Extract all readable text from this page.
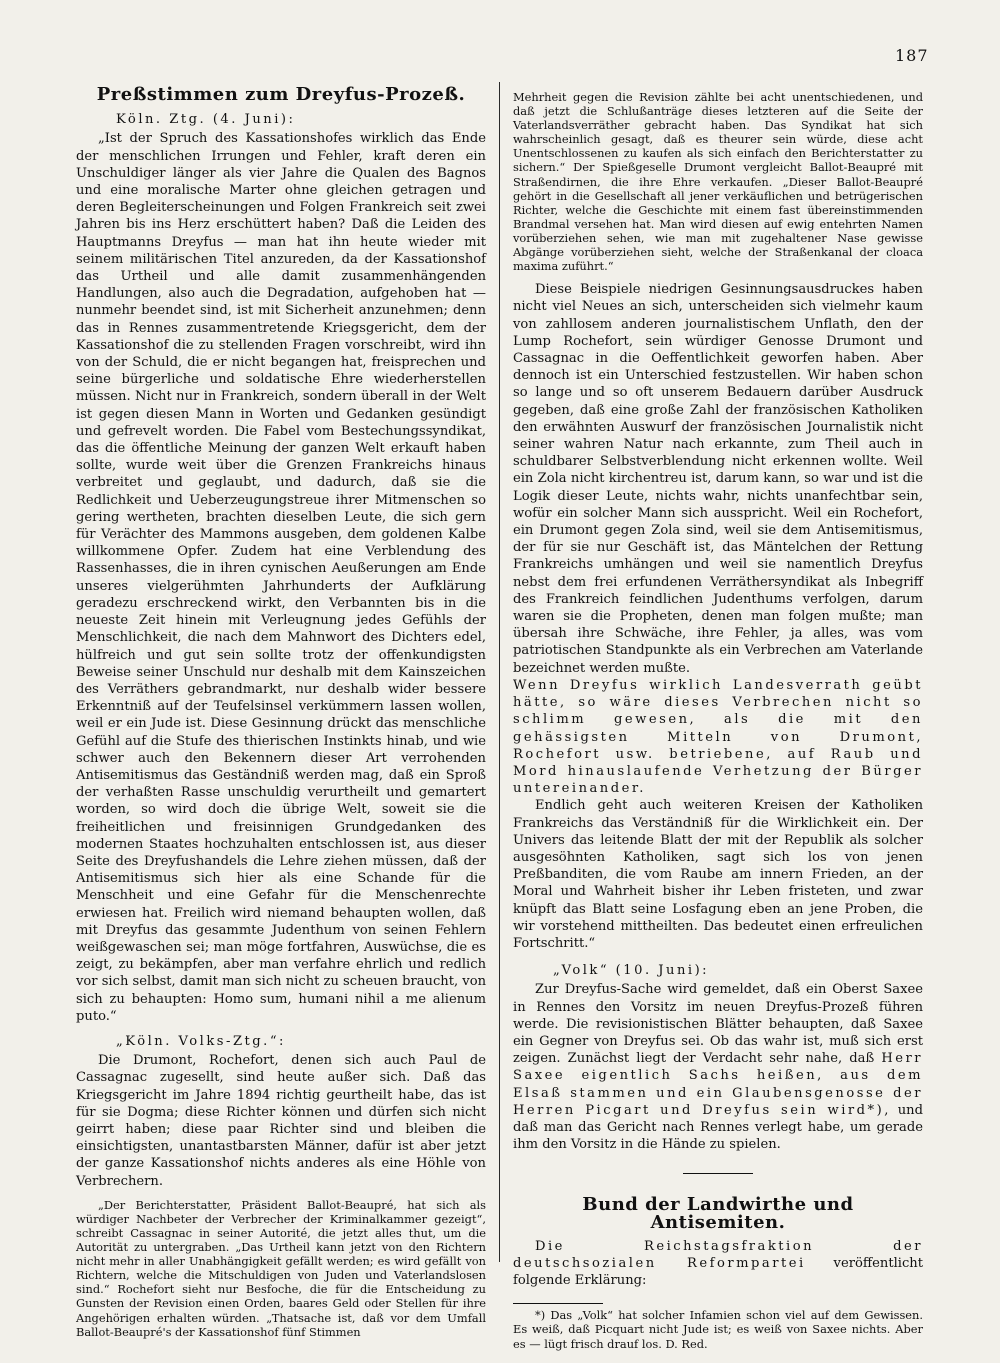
187
Preßstimmen zum Dreyfus-Prozeß.

Köln. Ztg. (4. Juni):

„Ist der Spruch des Kassationshofes wirklich das Ende der menschlichen Irrungen und Fehler, kraft deren ein Unschuldiger länger als vier Jahre die Qualen des Bagnos und eine moralische Marter ohne gleichen getragen und deren Begleiterscheinungen und Folgen Frankreich seit zwei Jahren bis ins Herz erschüttert haben? Daß die Leiden des Hauptmanns Dreyfus — man hat ihn heute wieder mit seinem militärischen Titel anzureden, da der Kassationshof das Urtheil und alle damit zusammenhängenden Handlungen, also auch die Degradation, aufgehoben hat — nunmehr beendet sind, ist mit Sicherheit anzunehmen; denn das in Rennes zusammentretende Kriegsgericht, dem der Kassationshof die zu stellenden Fragen vorschreibt, wird ihn von der Schuld, die er nicht begangen hat, freisprechen und seine bürgerliche und soldatische Ehre wiederherstellen müssen. Nicht nur in Frankreich, sondern überall in der Welt ist gegen diesen Mann in Worten und Gedanken gesündigt und gefrevelt worden. Die Fabel vom Bestechungssyndikat, das die öffentliche Meinung der ganzen Welt erkauft haben sollte, wurde weit über die Grenzen Frankreichs hinaus verbreitet und geglaubt, und dadurch, daß sie die Redlichkeit und Ueberzeugungstreue ihrer Mitmenschen so gering wertheten, brachten dieselben Leute, die sich gern für Verächter des Mammons ausgeben, dem goldenen Kalbe willkommene Opfer. Zudem hat eine Verblendung des Rassenhasses, die in ihren cynischen Aeußerungen am Ende unseres vielgerühmten Jahrhunderts der Aufklärung geradezu erschreckend wirkt, den Verbannten bis in die neueste Zeit hinein mit Verleugnung jedes Gefühls der Menschlichkeit, die nach dem Mahnwort des Dichters edel, hülfreich und gut sein sollte trotz der offenkundigsten Beweise seiner Unschuld nur deshalb mit dem Kainszeichen des Verräthers gebrandmarkt, nur deshalb wider bessere Erkenntniß auf der Teufelsinsel verkümmern lassen wollen, weil er ein Jude ist. Diese Gesinnung drückt das menschliche Gefühl auf die Stufe des thierischen Instinkts hinab, und wie schwer auch den Bekennern dieser Art verrohenden Antisemitismus das Geständniß werden mag, daß ein Sproß der verhaßten Rasse unschuldig verurtheilt und gemartert worden, so wird doch die übrige Welt, soweit sie die freiheitlichen und freisinnigen Grundgedanken des modernen Staates hochzuhalten entschlossen ist, aus dieser Seite des Dreyfushandels die Lehre ziehen müssen, daß der Antisemitismus sich hier als eine Schande für die Menschheit und eine Gefahr für die Menschenrechte erwiesen hat. Freilich wird niemand behaupten wollen, daß mit Dreyfus das gesammte Judenthum von seinen Fehlern weißgewaschen sei; man möge fortfahren, Auswüchse, die es zeigt, zu bekämpfen, aber man verfahre ehrlich und redlich vor sich selbst, damit man sich nicht zu scheuen braucht, von sich zu behaupten: Homo sum, humani nihil a me alienum puto.“

„Köln. Volks-Ztg.“:

Die Drumont, Rochefort, denen sich auch Paul de Cassagnac zugesellt, sind heute außer sich. Daß das Kriegsgericht im Jahre 1894 richtig geurtheilt habe, das ist für sie Dogma; diese Richter können und dürfen sich nicht geirrt haben; diese paar Richter sind und bleiben die einsichtigsten, unantastbarsten Männer, dafür ist aber jetzt der ganze Kassationshof nichts anderes als eine Höhle von Verbrechern.

„Der Berichterstatter, Präsident Ballot-Beaupré, hat sich als würdiger Nachbeter der Verbrecher der Kriminalkammer gezeigt“, schreibt Cassagnac in seiner Autorité, die jetzt alles thut, um die Autorität zu untergraben. „Das Urtheil kann jetzt von den Richtern nicht mehr in aller Unabhängigkeit gefällt werden; es wird gefällt von Richtern, welche die Mitschuldigen von Juden und Vaterlandslosen sind.“ Rochefort sieht nur Besfoche, die für die Entscheidung zu Gunsten der Revision einen Orden, baares Geld oder Stellen für ihre Angehörigen erhalten würden. „Thatsache ist, daß vor dem Umfall Ballot-Beaupré's der Kassationshof fünf Stimmen

Mehrheit gegen die Revision zählte bei acht unentschiedenen, und daß jetzt die Schlußanträge dieses letzteren auf die Seite der Vaterlandsverräther gebracht haben. Das Syndikat hat sich wahrscheinlich gesagt, daß es theurer sein würde, diese acht Unentschlossenen zu kaufen als sich einfach den Berichterstatter zu sichern.“ Der Spießgeselle Drumont vergleicht Ballot-Beaupré mit Straßendirnen, die ihre Ehre verkaufen. „Dieser Ballot-Beaupré gehört in die Gesellschaft all jener verkäuflichen und betrügerischen Richter, welche die Geschichte mit einem fast übereinstimmenden Brandmal versehen hat. Man wird diesen auf ewig entehrten Namen vorüberziehen sehen, wie man mit zugehaltener Nase gewisse Abgänge vorüberziehen sieht, welche der Straßenkanal der cloaca maxima zuführt.“

Diese Beispiele niedrigen Gesinnungsausdruckes haben nicht viel Neues an sich, unterscheiden sich vielmehr kaum von zahllosem anderen journalistischem Unflath, den der Lump Rochefort, sein würdiger Genosse Drumont und Cassagnac in die Oeffentlichkeit geworfen haben. Aber dennoch ist ein Unterschied festzustellen. Wir haben schon so lange und so oft unserem Bedauern darüber Ausdruck gegeben, daß eine große Zahl der französischen Katholiken den erwähnten Auswurf der französischen Journalistik nicht seiner wahren Natur nach erkannte, zum Theil auch in schuldbarer Selbstverblendung nicht erkennen wollte. Weil ein Zola nicht kirchentreu ist, darum kann, so war und ist die Logik dieser Leute, nichts wahr, nichts unanfechtbar sein, wofür ein solcher Mann sich ausspricht. Weil ein Rochefort, ein Drumont gegen Zola sind, weil sie dem Antisemitismus, der für sie nur Geschäft ist, das Mäntelchen der Rettung Frankreichs umhängen und weil sie namentlich Dreyfus nebst dem frei erfundenen Verräthersyndikat als Inbegriff des Frankreich feindlichen Judenthums verfolgen, darum waren sie die Propheten, denen man folgen mußte; man übersah ihre Schwäche, ihre Fehler, ja alles, was vom patriotischen Standpunkte als ein Verbrechen am Vaterlande bezeichnet werden mußte.

Wenn Dreyfus wirklich Landesverrath geübt hätte, so wäre dieses Verbrechen nicht so schlimm gewesen, als die mit den gehässigsten Mitteln von Drumont, Rochefort usw. betriebene, auf Raub und Mord hinauslaufende Verhetzung der Bürger untereinander.

Endlich geht auch weiteren Kreisen der Katholiken Frankreichs das Verständniß für die Wirklichkeit ein. Der Univers das leitende Blatt der mit der Republik als solcher ausgesöhnten Katholiken, sagt sich los von jenen Preßbanditen, die vom Raube am innern Frieden, an der Moral und Wahrheit bisher ihr Leben fristeten, und zwar knüpft das Blatt seine Losfagung eben an jene Proben, die wir vorstehend mittheilten. Das bedeutet einen erfreulichen Fortschritt.“

„Volk“ (10. Juni):

Zur Dreyfus-Sache wird gemeldet, daß ein Oberst Saxee in Rennes den Vorsitz im neuen Dreyfus-Prozeß führen werde. Die revisionistischen Blätter behaupten, daß Saxee ein Gegner von Dreyfus sei. Ob das wahr ist, muß sich erst zeigen. Zunächst liegt der Verdacht sehr nahe, daß Herr Saxee eigentlich Sachs heißen, aus dem Elsaß stammen und ein Glaubensgenosse der Herren Picgart und Dreyfus sein wird*), und daß man das Gericht nach Rennes verlegt habe, um gerade ihm den Vorsitz in die Hände zu spielen.

Bund der Landwirthe und Antisemiten.

Die Reichstagsfraktion der deutschsozialen Reformpartei veröffentlicht folgende Erklärung:

*) Das „Volk“ hat solcher Infamien schon viel auf dem Gewissen. Es weiß, daß Picquart nicht Jude ist; es weiß von Saxee nichts. Aber es — lügt frisch drauf los. D. Red.
